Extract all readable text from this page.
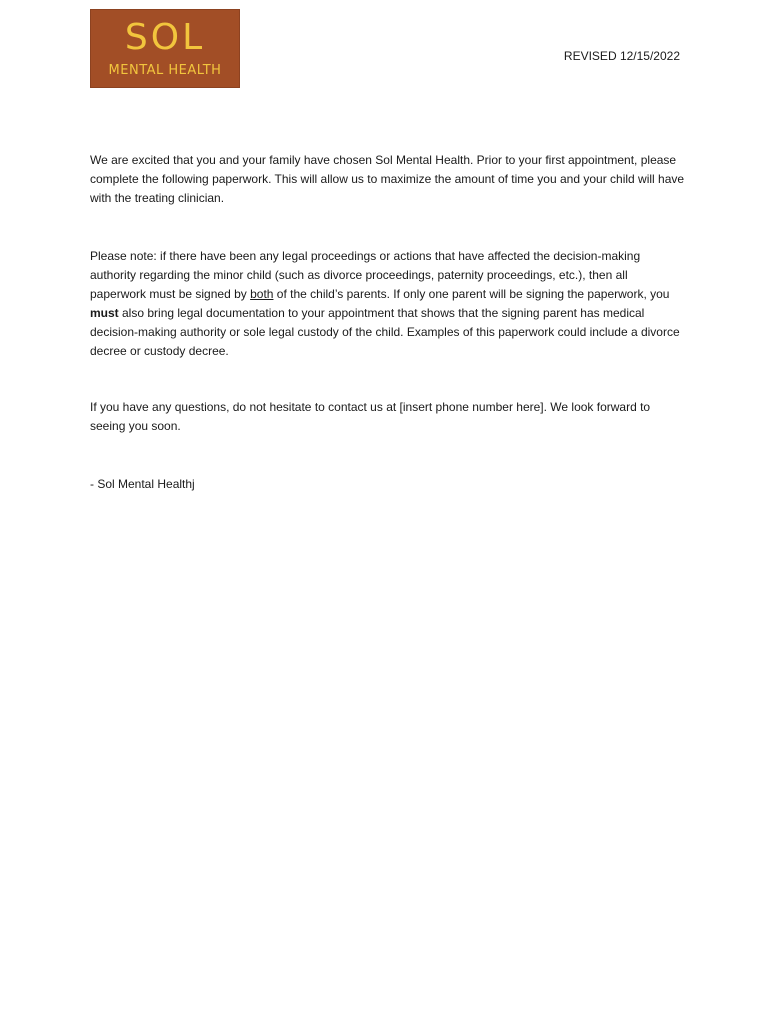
SOL
MENTAL HEALTH
REVISED 12/15/2022

We are excited that you and your family have chosen Sol Mental Health. Prior to your first appointment, please complete the following paperwork. This will allow us to maximize the amount of time you and your child will have with the treating clinician.

Please note: if there have been any legal proceedings or actions that have affected the decision-making authority regarding the minor child (such as divorce proceedings, paternity proceedings, etc.), then all paperwork must be signed by both of the child’s parents. If only one parent will be signing the paperwork, you must also bring legal documentation to your appointment that shows that the signing parent has medical decision-making authority or sole legal custody of the child. Examples of this paperwork could include a divorce decree or custody decree.

If you have any questions, do not hesitate to contact us at [insert phone number here]. We look forward to seeing you soon.

- Sol Mental Healthj
